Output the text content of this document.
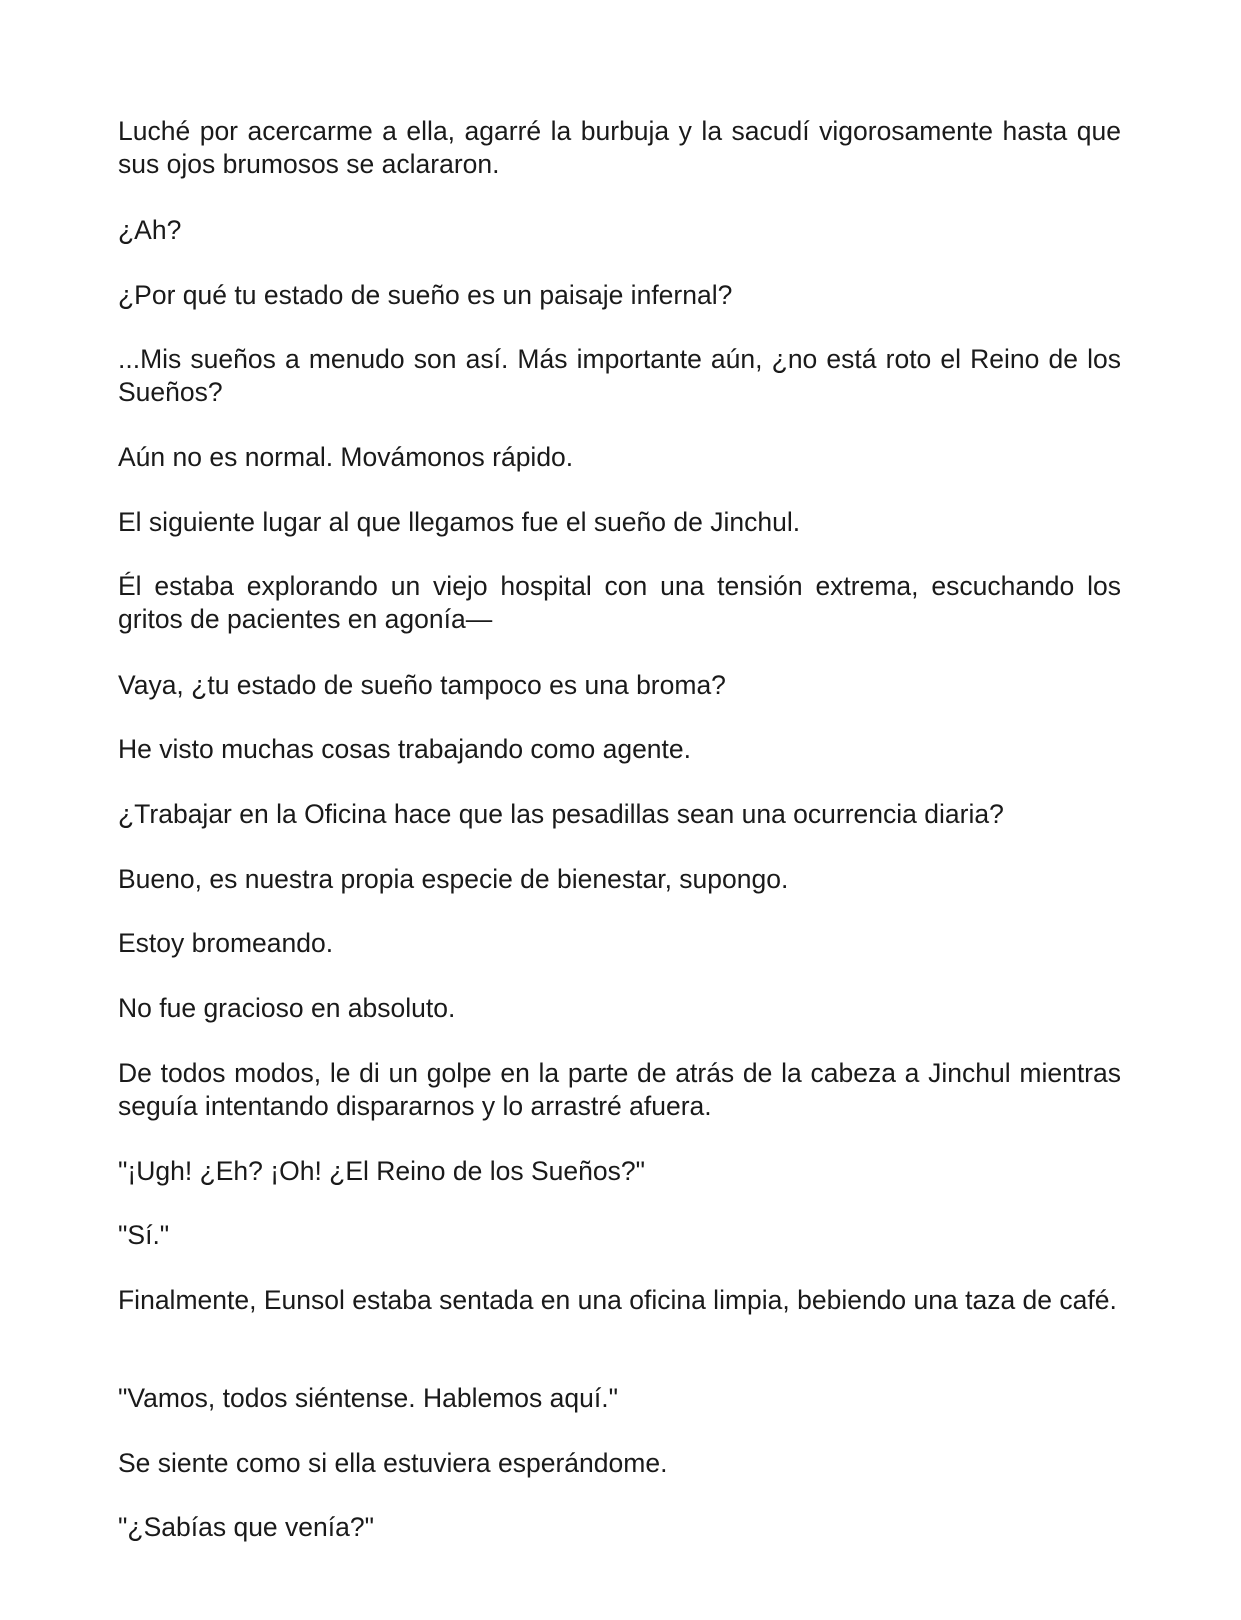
Luché por acercarme a ella, agarré la burbuja y la sacudí vigorosamente hasta que sus ojos brumosos se aclararon.

¿Ah?

¿Por qué tu estado de sueño es un paisaje infernal?

...Mis sueños a menudo son así. Más importante aún, ¿no está roto el Reino de los Sueños?

Aún no es normal. Movámonos rápido.

El siguiente lugar al que llegamos fue el sueño de Jinchul.

Él estaba explorando un viejo hospital con una tensión extrema, escuchando los gritos de pacientes en agonía—

Vaya, ¿tu estado de sueño tampoco es una broma?

He visto muchas cosas trabajando como agente.

¿Trabajar en la Oficina hace que las pesadillas sean una ocurrencia diaria?

Bueno, es nuestra propia especie de bienestar, supongo.

Estoy bromeando.

No fue gracioso en absoluto.

De todos modos, le di un golpe en la parte de atrás de la cabeza a Jinchul mientras seguía intentando dispararnos y lo arrastré afuera.

"¡Ugh! ¿Eh? ¡Oh! ¿El Reino de los Sueños?"

"Sí."

Finalmente, Eunsol estaba sentada en una oficina limpia, bebiendo una taza de café.

"Vamos, todos siéntense. Hablemos aquí."

Se siente como si ella estuviera esperándome.

"¿Sabías que venía?"
